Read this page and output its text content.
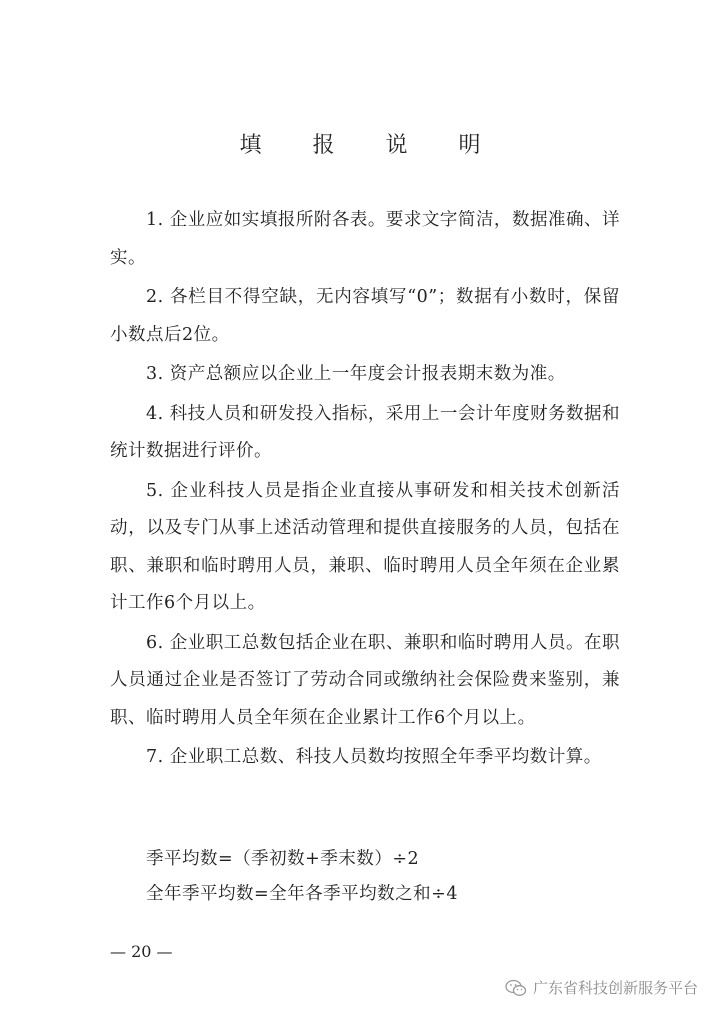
填 报 说 明

1. 企业应如实填报所附各表。要求文字简洁，数据准确、详实。

2. 各栏目不得空缺，无内容填写“0”；数据有小数时，保留小数点后2位。

3. 资产总额应以企业上一年度会计报表期末数为准。

4. 科技人员和研发投入指标，采用上一会计年度财务数据和统计数据进行评价。

5. 企业科技人员是指企业直接从事研发和相关技术创新活动，以及专门从事上述活动管理和提供直接服务的人员，包括在职、兼职和临时聘用人员，兼职、临时聘用人员全年须在企业累计工作6个月以上。

6. 企业职工总数包括企业在职、兼职和临时聘用人员。在职人员通过企业是否签订了劳动合同或缴纳社会保险费来鉴别，兼职、临时聘用人员全年须在企业累计工作6个月以上。

7. 企业职工总数、科技人员数均按照全年季平均数计算。

季平均数=（季初数+季末数）÷2

全年季平均数=全年各季平均数之和÷4

— 20 —

广东省科技创新服务平台
